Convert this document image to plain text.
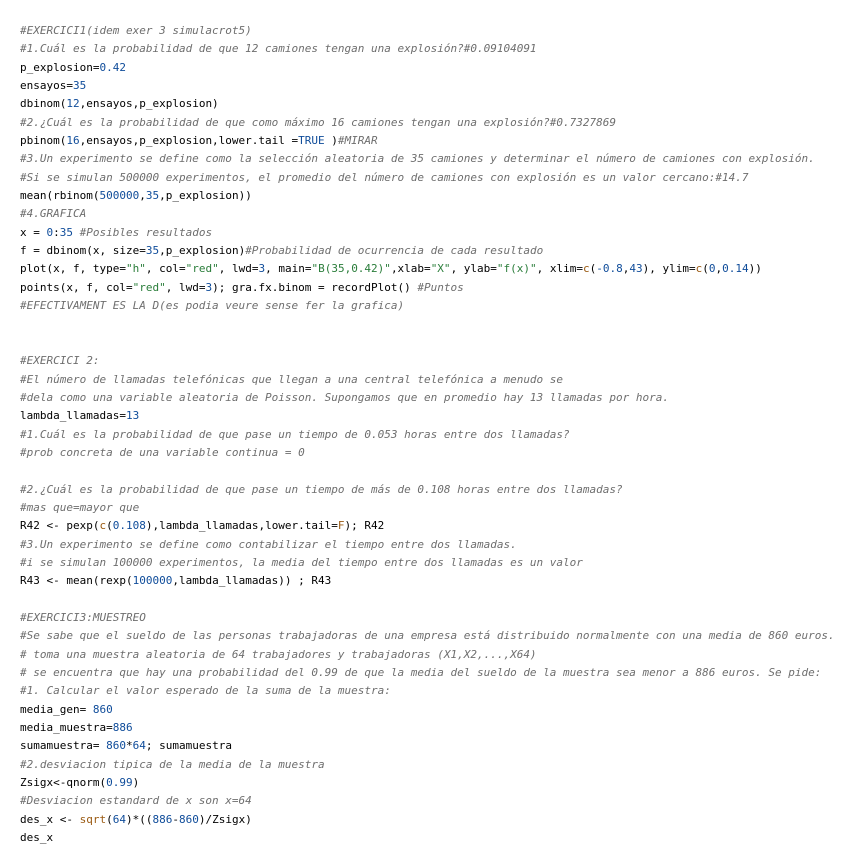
#EXERCICI1(idem exer 3 simulacrot5)
#1.Cuál es la probabilidad de que 12 camiones tengan una explosión?#0.09104091
p_explosion=0.42
ensayos=35
dbinom(12,ensayos,p_explosion)
#2.¿Cuál es la probabilidad de que como máximo 16 camiones tengan una explosión?#0.7327869
pbinom(16,ensayos,p_explosion,lower.tail =TRUE )#MIRAR
#3.Un experimento se define como la selección aleatoria de 35 camiones y determinar el número de camiones con explosión.
#Si se simulan 500000 experimentos, el promedio del número de camiones con explosión es un valor cercano:#14.7
mean(rbinom(500000,35,p_explosion))
#4.GRAFICA
x = 0:35 #Posibles resultados
f = dbinom(x, size=35,p_explosion)#Probabilidad de ocurrencia de cada resultado
plot(x, f, type="h", col="red", lwd=3, main="B(35,0.42)",xlab="X", ylab="f(x)", xlim=c(-0.8,43), ylim=c(0,0.14))
points(x, f, col="red", lwd=3); gra.fx.binom = recordPlot() #Puntos
#EFECTIVAMENT ES LA D(es podia veure sense fer la grafica)

#EXERCICI 2:
#El número de llamadas telefónicas que llegan a una central telefónica a menudo se
#dela como una variable aleatoria de Poisson. Supongamos que en promedio hay 13 llamadas por hora.
lambda_llamadas=13
#1.Cuál es la probabilidad de que pase un tiempo de 0.053 horas entre dos llamadas?
#prob concreta de una variable continua = 0

#2.¿Cuál es la probabilidad de que pase un tiempo de más de 0.108 horas entre dos llamadas?
#mas que=mayor que
R42 <- pexp(c(0.108),lambda_llamadas,lower.tail=F); R42
#3.Un experimento se define como contabilizar el tiempo entre dos llamadas.
#i se simulan 100000 experimentos, la media del tiempo entre dos llamadas es un valor
R43 <- mean(rexp(100000,lambda_llamadas)) ; R43

#EXERCICI3:MUESTREO
#Se sabe que el sueldo de las personas trabajadoras de una empresa está distribuido normalmente con una media de 860 euros.
# toma una muestra aleatoria de 64 trabajadores y trabajadoras (X1,X2,...,X64)
# se encuentra que hay una probabilidad del 0.99 de que la media del sueldo de la muestra sea menor a 886 euros. Se pide:
#1. Calcular el valor esperado de la suma de la muestra:
media_gen= 860
media_muestra=886
sumamuestra= 860*64; sumamuestra
#2.desviacion tipica de la media de la muestra
Zsigx<-qnorm(0.99)
#Desviacion estandard de x son x=64
des_x <- sqrt(64)*((886-860)/Zsigx)
des_x
